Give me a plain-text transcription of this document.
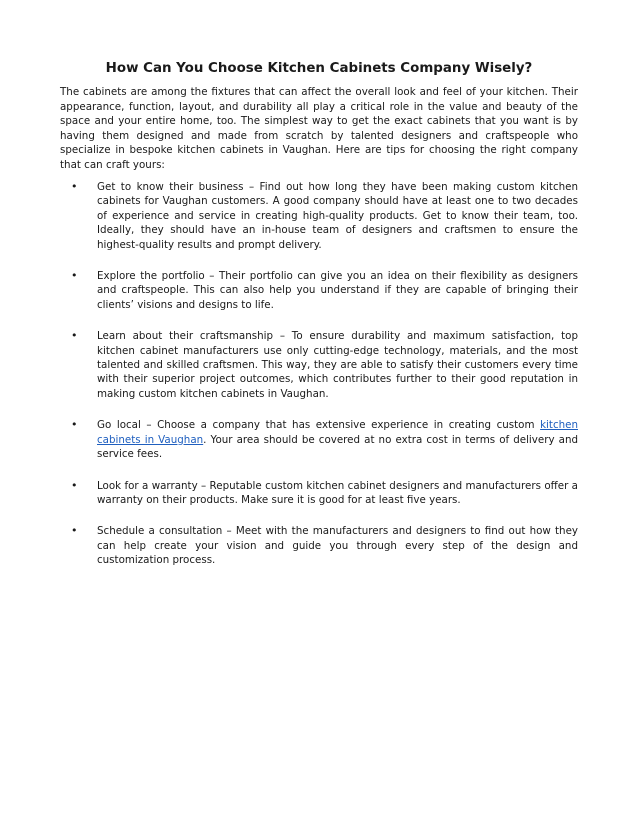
How Can You Choose Kitchen Cabinets Company Wisely?

The cabinets are among the fixtures that can affect the overall look and feel of your kitchen. Their appearance, function, layout, and durability all play a critical role in the value and beauty of the space and your entire home, too. The simplest way to get the exact cabinets that you want is by having them designed and made from scratch by talented designers and craftspeople who specialize in bespoke kitchen cabinets in Vaughan. Here are tips for choosing the right company that can craft yours:

• Get to know their business – Find out how long they have been making custom kitchen cabinets for Vaughan customers. A good company should have at least one to two decades of experience and service in creating high-quality products. Get to know their team, too. Ideally, they should have an in-house team of designers and craftsmen to ensure the highest-quality results and prompt delivery.
• Explore the portfolio – Their portfolio can give you an idea on their flexibility as designers and craftspeople. This can also help you understand if they are capable of bringing their clients’ visions and designs to life.
• Learn about their craftsmanship – To ensure durability and maximum satisfaction, top kitchen cabinet manufacturers use only cutting-edge technology, materials, and the most talented and skilled craftsmen. This way, they are able to satisfy their customers every time with their superior project outcomes, which contributes further to their good reputation in making custom kitchen cabinets in Vaughan.
• Go local – Choose a company that has extensive experience in creating custom kitchen cabinets in Vaughan. Your area should be covered at no extra cost in terms of delivery and service fees.
• Look for a warranty – Reputable custom kitchen cabinet designers and manufacturers offer a warranty on their products. Make sure it is good for at least five years.
• Schedule a consultation – Meet with the manufacturers and designers to find out how they can help create your vision and guide you through every step of the design and customization process.
